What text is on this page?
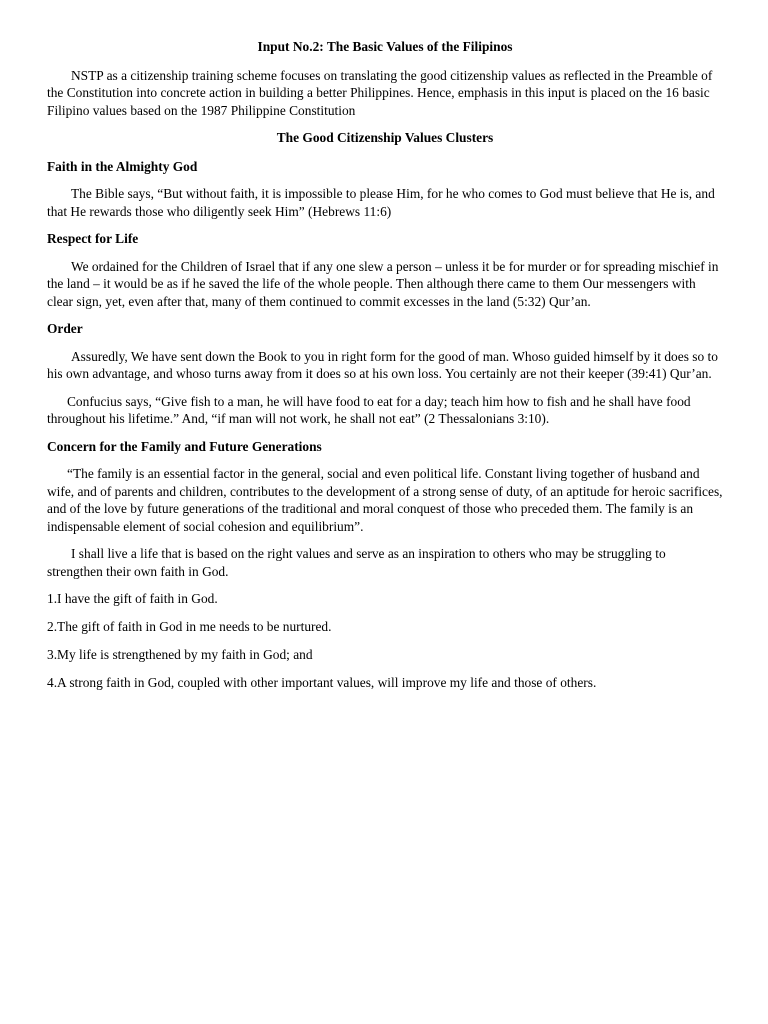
Input No.2: The Basic Values of the Filipinos

NSTP as a citizenship training scheme focuses on translating the good citizenship values as reflected in the Preamble of the Constitution into concrete action in building a better Philippines. Hence, emphasis in this input is placed on the 16 basic Filipino values based on the 1987 Philippine Constitution

The Good Citizenship Values Clusters

Faith in the Almighty God

The Bible says, “But without faith, it is impossible to please Him, for he who comes to God must believe that He is, and that He rewards those who diligently seek Him” (Hebrews 11:6)

Respect for Life

We ordained for the Children of Israel that if any one slew a person – unless it be for murder or for spreading mischief in the land – it would be as if he saved the life of the whole people. Then although there came to them Our messengers with clear sign, yet, even after that, many of them continued to commit excesses in the land (5:32) Qur’an.

Order

Assuredly, We have sent down the Book to you in right form for the good of man. Whoso guided himself by it does so to his own advantage, and whoso turns away from it does so at his own loss. You certainly are not their keeper (39:41) Qur’an.

Confucius says, “Give fish to a man, he will have food to eat for a day; teach him how to fish and he shall have food throughout his lifetime.” And, “if man will not work, he shall not eat” (2 Thessalonians 3:10).

Concern for the Family and Future Generations

“The family is an essential factor in the general, social and even political life. Constant living together of husband and wife, and of parents and children, contributes to the development of a strong sense of duty, of an aptitude for heroic sacrifices, and of the love by future generations of the traditional and moral conquest of those who preceded them. The family is an indispensable element of social cohesion and equilibrium”.

I shall live a life that is based on the right values and serve as an inspiration to others who may be struggling to strengthen their own faith in God.

1.I have the gift of faith in God.

2.The gift of faith in God in me needs to be nurtured.

3.My life is strengthened by my faith in God; and

4.A strong faith in God, coupled with other important values, will improve my life and those of others.
